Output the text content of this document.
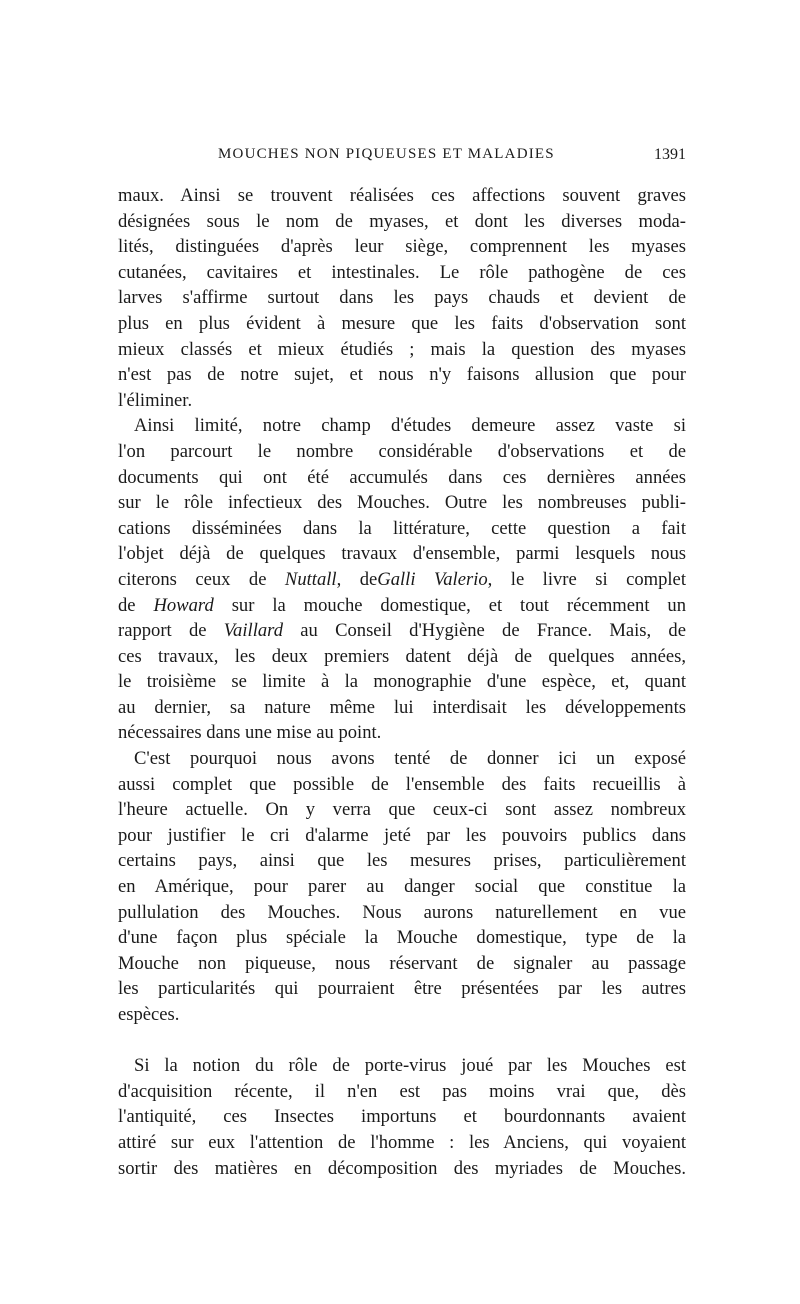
MOUCHES NON PIQUEUSES ET MALADIES	1391
maux. Ainsi se trouvent réalisées ces affections souvent graves
désignées sous le nom de myases, et dont les diverses moda-
lités, distinguées d'après leur siège, comprennent les myases
cutanées, cavitaires et intestinales. Le rôle pathogène de ces
larves s'affirme surtout dans les pays chauds et devient de
plus en plus évident à mesure que les faits d'observation sont
mieux classés et mieux étudiés ; mais la question des myases
n'est pas de notre sujet, et nous n'y faisons allusion que pour
l'éliminer.
Ainsi limité, notre champ d'études demeure assez vaste si
l'on parcourt le nombre considérable d'observations et de
documents qui ont été accumulés dans ces dernières années
sur le rôle infectieux des Mouches. Outre les nombreuses publi-
cations disséminées dans la littérature, cette question a fait
l'objet déjà de quelques travaux d'ensemble, parmi lesquels nous
citerons ceux de Nuttall, deGalli Valerio, le livre si complet
de Howard sur la mouche domestique, et tout récemment un
rapport de Vaillard au Conseil d'Hygiène de France. Mais, de
ces travaux, les deux premiers datent déjà de quelques années,
le troisième se limite à la monographie d'une espèce, et, quant
au dernier, sa nature même lui interdisait les développements
nécessaires dans une mise au point.
C'est pourquoi nous avons tenté de donner ici un exposé
aussi complet que possible de l'ensemble des faits recueillis à
l'heure actuelle. On y verra que ceux-ci sont assez nombreux
pour justifier le cri d'alarme jeté par les pouvoirs publics dans
certains pays, ainsi que les mesures prises, particulièrement
en Amérique, pour parer au danger social que constitue la
pullulation des Mouches. Nous aurons naturellement en vue
d'une façon plus spéciale la Mouche domestique, type de la
Mouche non piqueuse, nous réservant de signaler au passage
les particularités qui pourraient être présentées par les autres
espèces.
Si la notion du rôle de porte-virus joué par les Mouches est
d'acquisition récente, il n'en est pas moins vrai que, dès
l'antiquité, ces Insectes importuns et bourdonnants avaient
attiré sur eux l'attention de l'homme : les Anciens, qui voyaient
sortir des matières en décomposition des myriades de Mouches.
